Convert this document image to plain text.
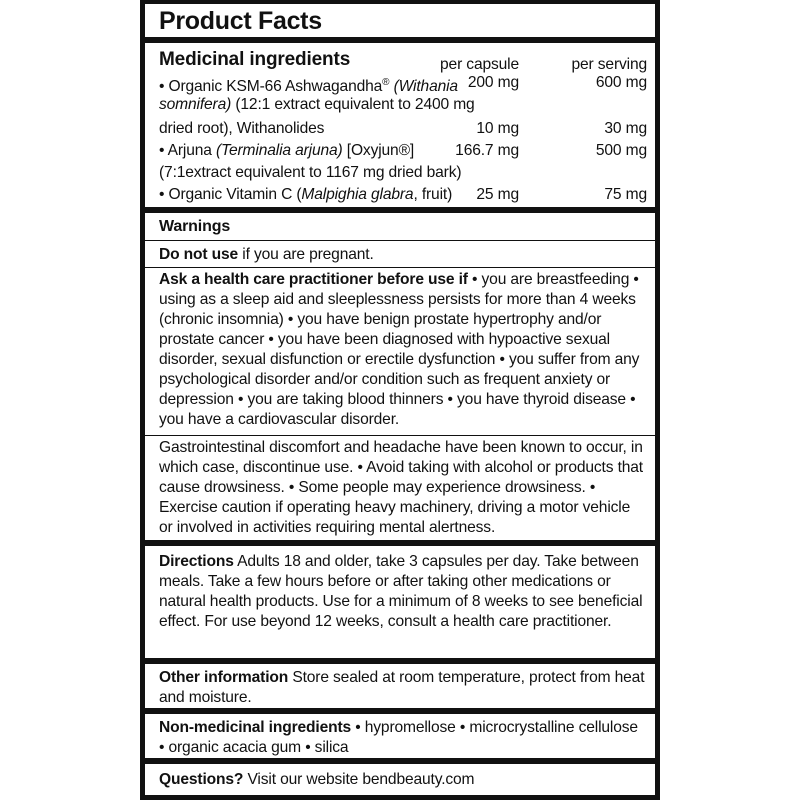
Product Facts
Medicinal ingredients	per capsule	per serving
• Organic KSM-66 Ashwagandha® (Withania 200 mg	600 mg
somnifera) (12:1 extract equivalent to 2400 mg
dried root), Withanolides	10 mg	30 mg
• Arjuna (Terminalia arjuna) [Oxyjun®]	166.7 mg	500 mg
(7:1extract equivalent to 1167 mg dried bark)
• Organic Vitamin C (Malpighia glabra, fruit) 25 mg	75 mg
Warnings
Do not use if you are pregnant.
Ask a health care practitioner before use if • you are breastfeeding • using as a sleep aid and sleeplessness persists for more than 4 weeks (chronic insomnia) • you have benign prostate hypertrophy and/or prostate cancer • you have been diagnosed with hypoactive sexual disorder, sexual disfunction or erectile dysfunction • you suffer from any psychological disorder and/or condition such as frequent anxiety or depression • you are taking blood thinners • you have thyroid disease • you have a cardiovascular disorder.
Gastrointestinal discomfort and headache have been known to occur, in which case, discontinue use. • Avoid taking with alcohol or products that cause drowsiness. • Some people may experience drowsiness. • Exercise caution if operating heavy machinery, driving a motor vehicle or involved in activities requiring mental alertness.
Directions Adults 18 and older, take 3 capsules per day. Take between meals. Take a few hours before or after taking other medications or natural health products. Use for a minimum of 8 weeks to see beneficial effect. For use beyond 12 weeks, consult a health care practitioner.
Other information Store sealed at room temperature, protect from heat and moisture.
Non-medicinal ingredients • hypromellose • microcrystalline cellulose • organic acacia gum • silica
Questions? Visit our website bendbeauty.com
